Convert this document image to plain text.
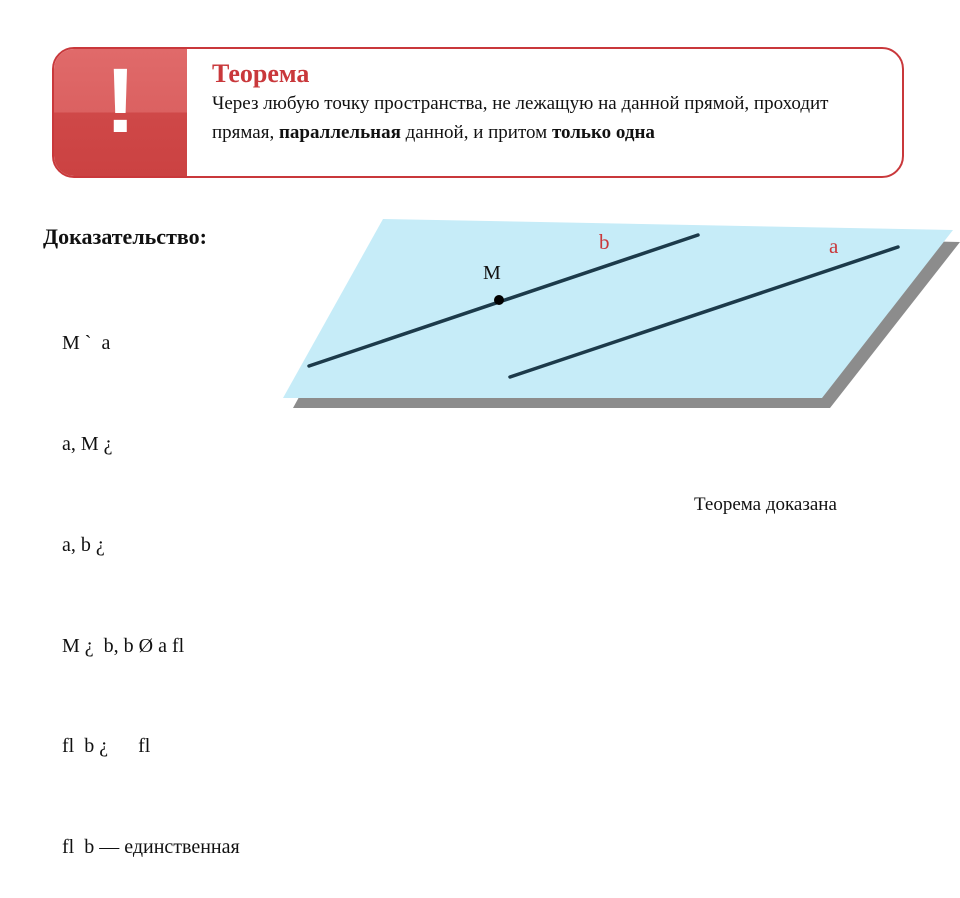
!	Теорема
Через любую точку пространства, не лежащую на данной прямой, проходит прямая, параллельная данной, и притом только одна
Доказательство:

M `  a

a, M ¿

a, b ¿

M ¿  b, b Ø a fl

fl  b ¿      fl

fl  b — единственная

M
b	a
Теорема доказана
